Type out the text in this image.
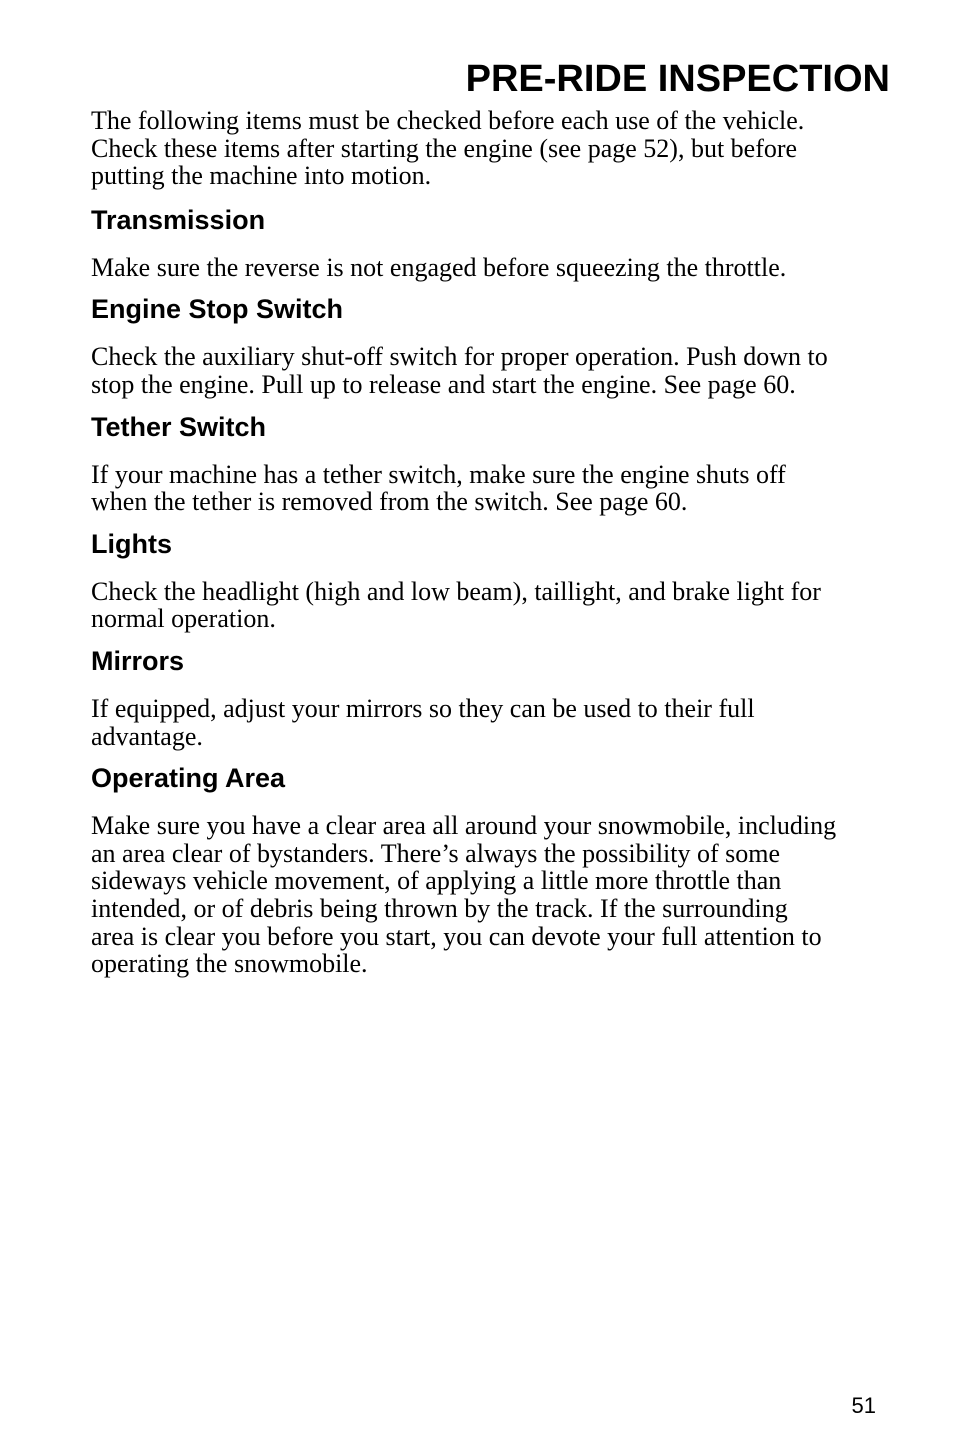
PRE-RIDE INSPECTION

The following items must be checked before each use of the vehicle.
Check these items after starting the engine (see page 52), but before
putting the machine into motion.

Transmission

Make sure the reverse is not engaged before squeezing the throttle.

Engine Stop Switch

Check the auxiliary shut-off switch for proper operation. Push down to
stop the engine. Pull up to release and start the engine. See page 60.

Tether Switch

If your machine has a tether switch, make sure the engine shuts off
when the tether is removed from the switch. See page 60.

Lights

Check the headlight (high and low beam), taillight, and brake light for
normal operation.

Mirrors

If equipped, adjust your mirrors so they can be used to their full
advantage.

Operating Area

Make sure you have a clear area all around your snowmobile, including
an area clear of bystanders. There’s always the possibility of some
sideways vehicle movement, of applying a little more throttle than
intended, or of debris being thrown by the track. If the surrounding
area is clear you before you start, you can devote your full attention to
operating the snowmobile.

51
